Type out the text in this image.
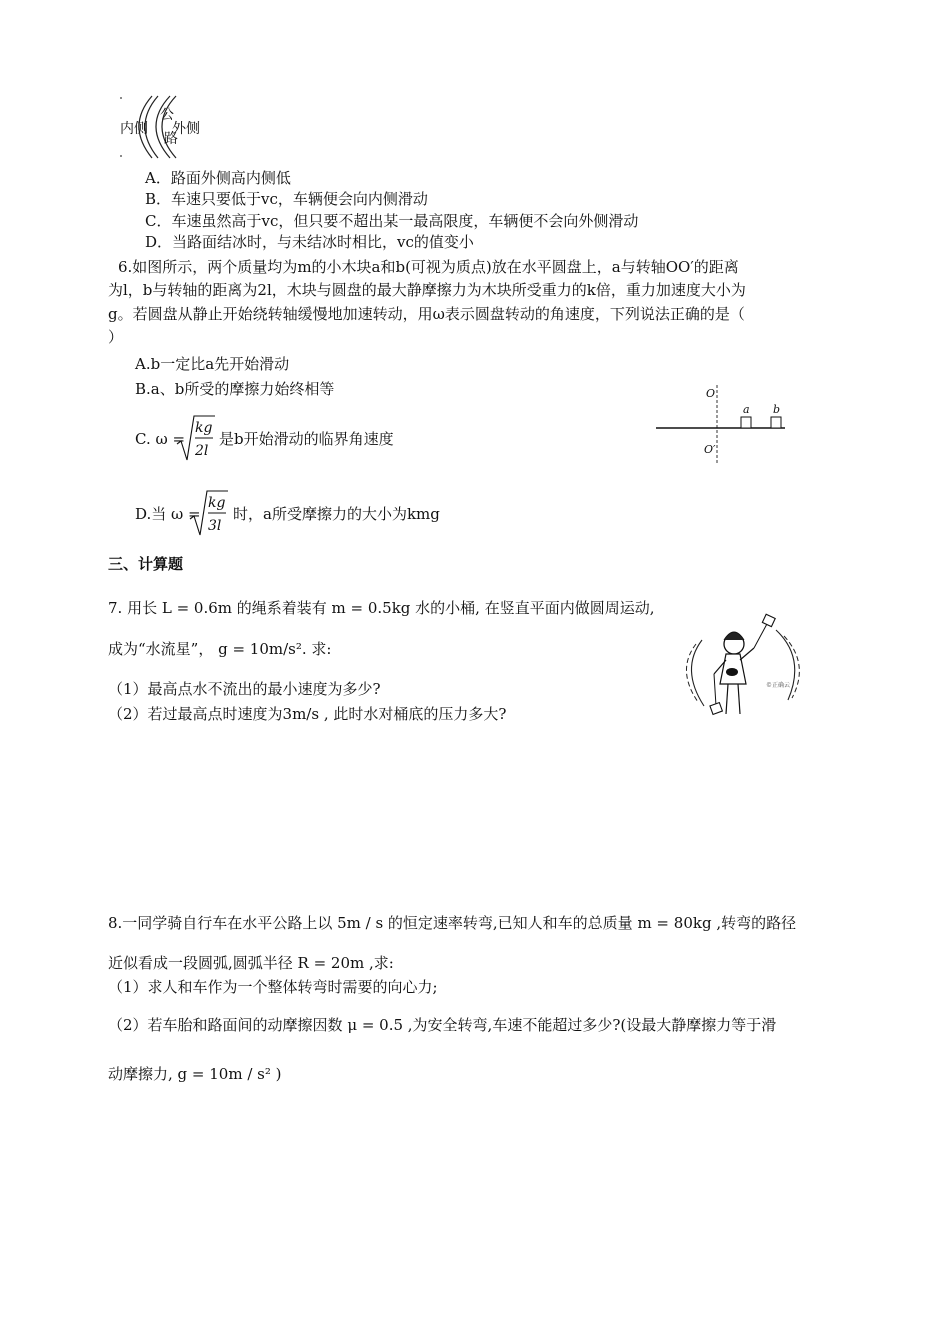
内侧
公
路
外侧
A．路面外侧高内侧低
B．车速只要低于vc，车辆便会向内侧滑动
C．车速虽然高于vc，但只要不超出某一最高限度，车辆便不会向外侧滑动
D．当路面结冰时，与未结冰时相比，vc的值变小
6.如图所示，两个质量均为m的小木块a和b(可视为质点)放在水平圆盘上，a与转轴OO′的距离
为l，b与转轴的距离为2l，木块与圆盘的最大静摩擦力为木块所受重力的k倍，重力加速度大小为
g。若圆盘从静止开始绕转轴缓慢地加速转动，用ω表示圆盘转动的角速度，下列说法正确的是（
）
A.b一定比a先开始滑动
B.a、b所受的摩擦力始终相等
C. ω =
kg
2l
是b开始滑动的临界角速度
D.当 ω =
kg
3l
时，a所受摩擦力的大小为kmg
O
O′
a b
三、计算题
7. 用长 L = 0.6m 的绳系着装有 m = 0.5kg 水的小桶, 在竖直平面内做圆周运动,
成为“水流星”， g = 10m/s². 求:
（1）最高点水不流出的最小速度为多少?
（2）若过最高点时速度为3m/s , 此时水对桶底的压力多大?
©正确云
8.一同学骑自行车在水平公路上以 5m / s 的恒定速率转弯,已知人和车的总质量 m = 80kg ,转弯的路径
近似看成一段圆弧,圆弧半径 R = 20m ,求:
（1）求人和车作为一个整体转弯时需要的向心力;
（2）若车胎和路面间的动摩擦因数 μ = 0.5 ,为安全转弯,车速不能超过多少?(设最大静摩擦力等于滑
动摩擦力, g = 10m / s² )
